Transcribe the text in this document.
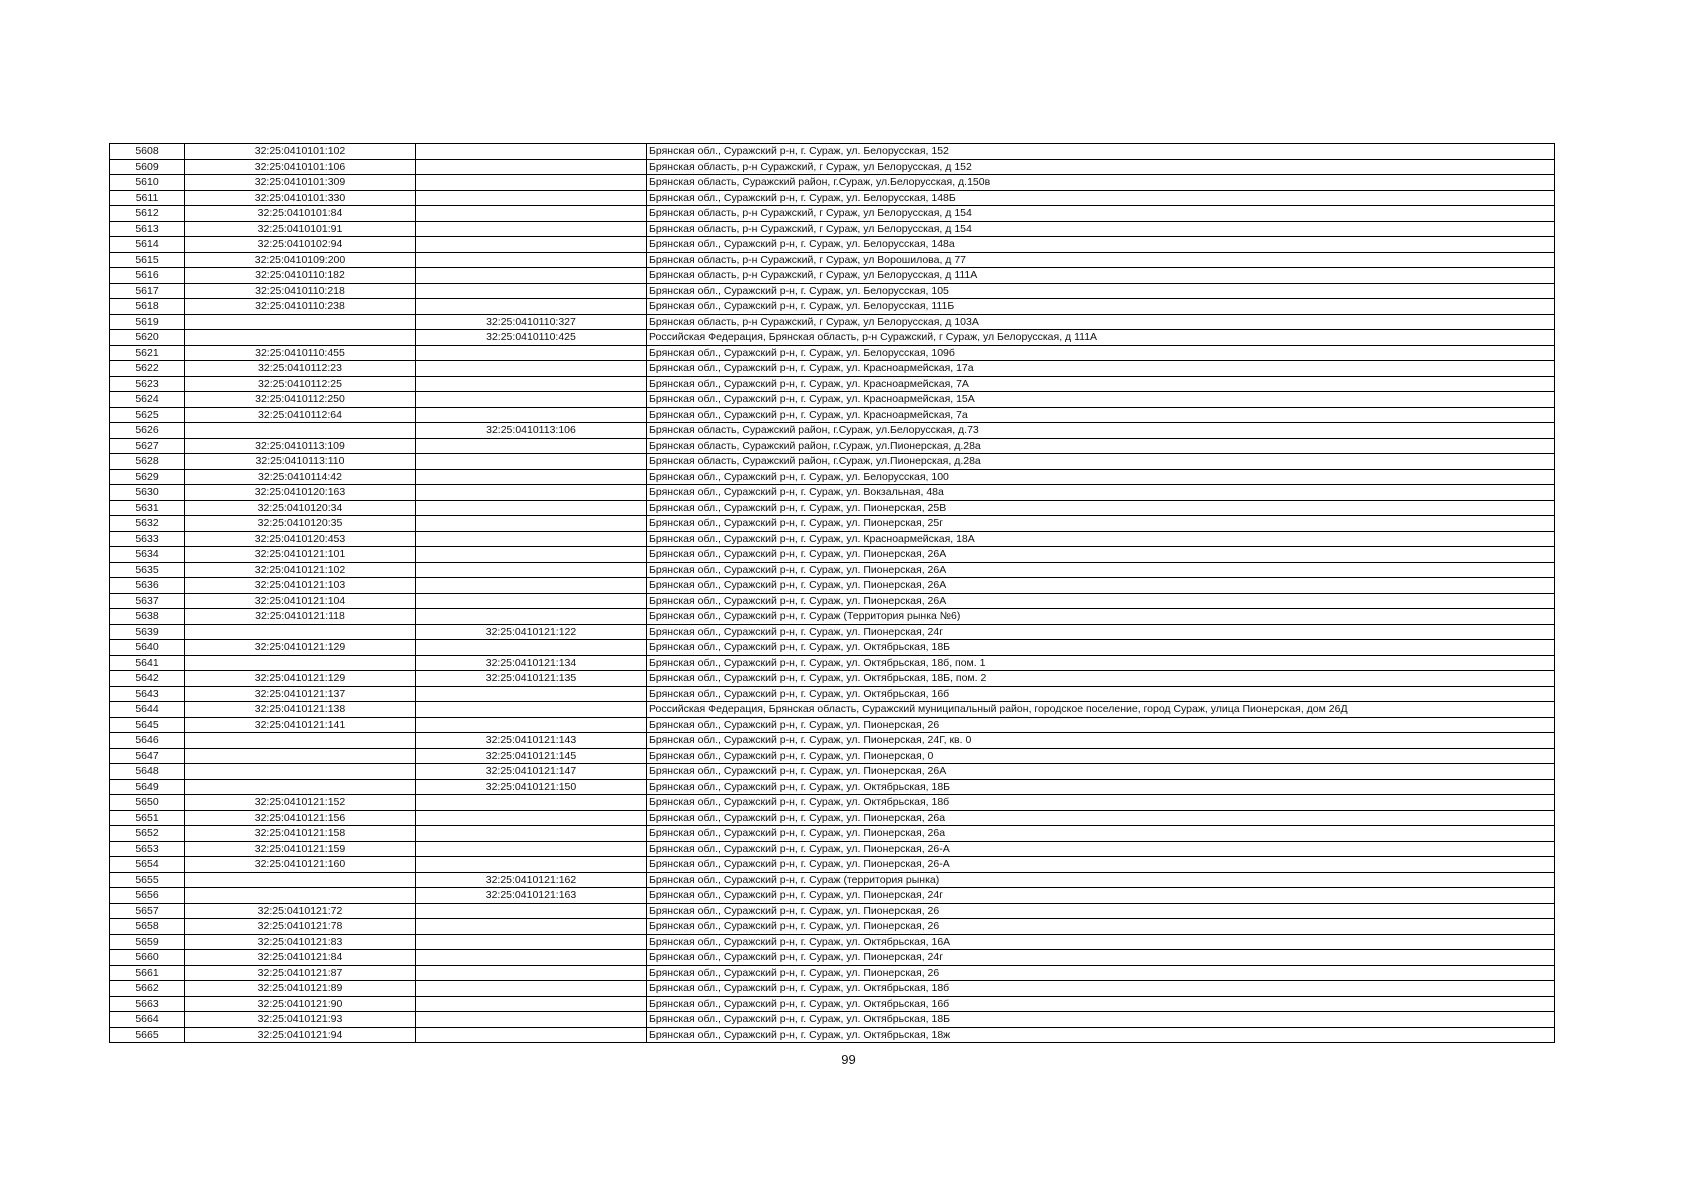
5608	32:25:0410101:102		Брянская обл., Суражский р-н, г. Сураж, ул. Белорусская, 152
5609	32:25:0410101:106		Брянская область, р-н Суражский, г Сураж, ул Белорусская, д 152
5610	32:25:0410101:309		Брянская область, Суражский район, г.Сураж, ул.Белорусская, д.150в
5611	32:25:0410101:330		Брянская обл., Суражский р-н, г. Сураж, ул. Белорусская, 148Б
5612	32:25:0410101:84		Брянская область, р-н Суражский, г Сураж, ул Белорусская, д 154
5613	32:25:0410101:91		Брянская область, р-н Суражский, г Сураж, ул Белорусская, д 154
5614	32:25:0410102:94		Брянская обл., Суражский р-н, г. Сураж, ул. Белорусская, 148а
5615	32:25:0410109:200		Брянская область, р-н Суражский, г Сураж, ул Ворошилова, д 77
5616	32:25:0410110:182		Брянская область, р-н Суражский, г Сураж, ул Белорусская, д 111А
5617	32:25:0410110:218		Брянская обл., Суражский р-н, г. Сураж, ул. Белорусская, 105
5618	32:25:0410110:238		Брянская обл., Суражский р-н, г. Сураж, ул. Белорусская, 111Б
5619		32:25:0410110:327	Брянская область, р-н Суражский, г Сураж, ул Белорусская, д 103А
5620		32:25:0410110:425	Российская Федерация, Брянская область, р-н Суражский, г Сураж, ул Белорусская, д 111А
5621	32:25:0410110:455		Брянская обл., Суражский р-н, г. Сураж, ул. Белорусская, 109б
5622	32:25:0410112:23		Брянская обл., Суражский р-н, г. Сураж, ул. Красноармейская, 17а
5623	32:25:0410112:25		Брянская обл., Суражский р-н, г. Сураж, ул. Красноармейская, 7А
5624	32:25:0410112:250		Брянская обл., Суражский р-н, г. Сураж, ул. Красноармейская, 15А
5625	32:25:0410112:64		Брянская обл., Суражский р-н, г. Сураж, ул. Красноармейская, 7а
5626		32:25:0410113:106	Брянская область, Суражский район, г.Сураж, ул.Белорусская, д.73
5627	32:25:0410113:109		Брянская область, Суражский район, г.Сураж, ул.Пионерская, д.28а
5628	32:25:0410113:110		Брянская область, Суражский район, г.Сураж, ул.Пионерская, д.28а
5629	32:25:0410114:42		Брянская обл., Суражский р-н, г. Сураж, ул. Белорусская, 100
5630	32:25:0410120:163		Брянская обл., Суражский р-н, г. Сураж, ул. Вокзальная, 48а
5631	32:25:0410120:34		Брянская обл., Суражский р-н, г. Сураж, ул. Пионерская, 25В
5632	32:25:0410120:35		Брянская обл., Суражский р-н, г. Сураж, ул. Пионерская, 25г
5633	32:25:0410120:453		Брянская обл., Суражский р-н, г. Сураж, ул. Красноармейская, 18А
5634	32:25:0410121:101		Брянская обл., Суражский р-н, г. Сураж, ул. Пионерская, 26А
5635	32:25:0410121:102		Брянская обл., Суражский р-н, г. Сураж, ул. Пионерская, 26А
5636	32:25:0410121:103		Брянская обл., Суражский р-н, г. Сураж, ул. Пионерская, 26А
5637	32:25:0410121:104		Брянская обл., Суражский р-н, г. Сураж, ул. Пионерская, 26А
5638	32:25:0410121:118		Брянская обл., Суражский р-н, г. Сураж (Территория рынка №6)
5639		32:25:0410121:122	Брянская обл., Суражский р-н, г. Сураж, ул. Пионерская, 24г
5640	32:25:0410121:129		Брянская обл., Суражский р-н, г. Сураж, ул. Октябрьская, 18Б
5641		32:25:0410121:134	Брянская обл., Суражский р-н, г. Сураж, ул. Октябрьская, 18б, пом. 1
5642	32:25:0410121:129	32:25:0410121:135	Брянская обл., Суражский р-н, г. Сураж, ул. Октябрьская, 18Б, пом. 2
5643	32:25:0410121:137		Брянская обл., Суражский р-н, г. Сураж, ул. Октябрьская, 16б
5644	32:25:0410121:138		Российская Федерация, Брянская область, Суражский муниципальный район, городское поселение, город Сураж, улица Пионерская, дом 26Д
5645	32:25:0410121:141		Брянская обл., Суражский р-н, г. Сураж, ул. Пионерская, 26
5646		32:25:0410121:143	Брянская обл., Суражский р-н, г. Сураж, ул. Пионерская, 24Г, кв. 0
5647		32:25:0410121:145	Брянская обл., Суражский р-н, г. Сураж, ул. Пионерская, 0
5648		32:25:0410121:147	Брянская обл., Суражский р-н, г. Сураж, ул. Пионерская, 26А
5649		32:25:0410121:150	Брянская обл., Суражский р-н, г. Сураж, ул. Октябрьская, 18Б
5650	32:25:0410121:152		Брянская обл., Суражский р-н, г. Сураж, ул. Октябрьская, 18б
5651	32:25:0410121:156		Брянская обл., Суражский р-н, г. Сураж, ул. Пионерская, 26а
5652	32:25:0410121:158		Брянская обл., Суражский р-н, г. Сураж, ул. Пионерская, 26а
5653	32:25:0410121:159		Брянская обл., Суражский р-н, г. Сураж, ул. Пионерская, 26-А
5654	32:25:0410121:160		Брянская обл., Суражский р-н, г. Сураж, ул. Пионерская, 26-А
5655		32:25:0410121:162	Брянская обл., Суражский р-н, г. Сураж (территория рынка)
5656		32:25:0410121:163	Брянская обл., Суражский р-н, г. Сураж, ул. Пионерская, 24г
5657	32:25:0410121:72		Брянская обл., Суражский р-н, г. Сураж, ул. Пионерская, 26
5658	32:25:0410121:78		Брянская обл., Суражский р-н, г. Сураж, ул. Пионерская, 26
5659	32:25:0410121:83		Брянская обл., Суражский р-н, г. Сураж, ул. Октябрьская, 16А
5660	32:25:0410121:84		Брянская обл., Суражский р-н, г. Сураж, ул. Пионерская, 24г
5661	32:25:0410121:87		Брянская обл., Суражский р-н, г. Сураж, ул. Пионерская, 26
5662	32:25:0410121:89		Брянская обл., Суражский р-н, г. Сураж, ул. Октябрьская, 18б
5663	32:25:0410121:90		Брянская обл., Суражский р-н, г. Сураж, ул. Октябрьская, 16б
5664	32:25:0410121:93		Брянская обл., Суражский р-н, г. Сураж, ул. Октябрьская, 18Б
5665	32:25:0410121:94		Брянская обл., Суражский р-н, г. Сураж, ул. Октябрьская, 18ж
99
